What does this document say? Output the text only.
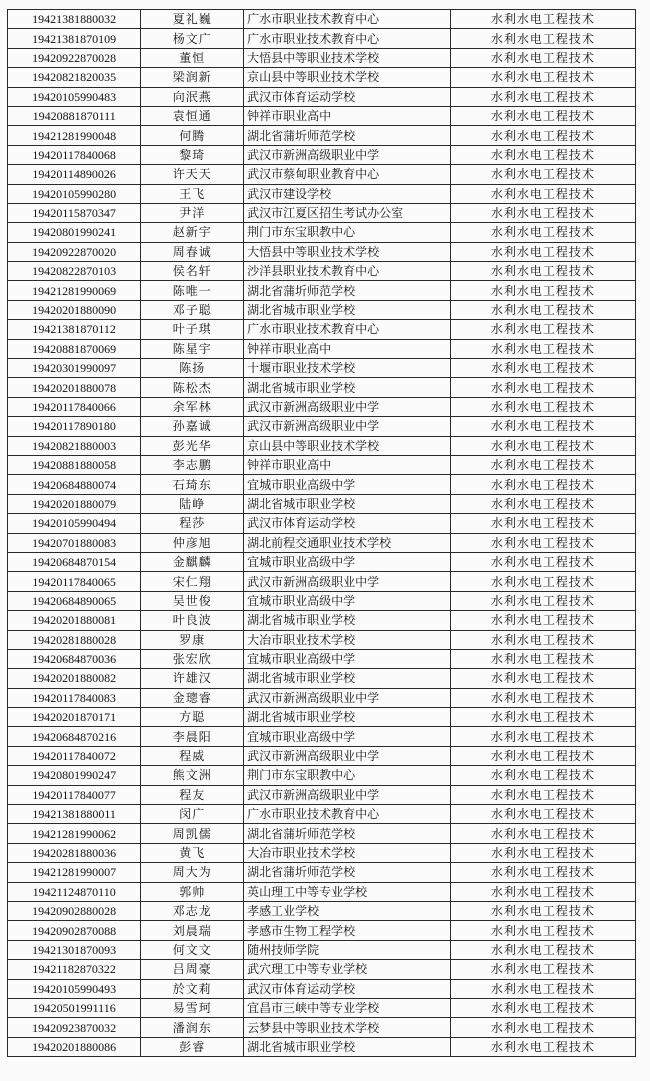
19421381880032	夏礼巍	广水市职业技术教育中心	水利水电工程技术
19421381870109	杨文广	广水市职业技术教育中心	水利水电工程技术
19420922870028	董恒	大悟县中等职业技术学校	水利水电工程技术
19420821820035	梁润新	京山县中等职业技术学校	水利水电工程技术
19420105990483	向泯燕	武汉市体育运动学校	水利水电工程技术
19420881870111	袁恒通	钟祥市职业高中	水利水电工程技术
19421281990048	何腾	湖北省蒲圻师范学校	水利水电工程技术
19420117840068	黎琦	武汉市新洲高级职业中学	水利水电工程技术
19420114890026	许天天	武汉市蔡甸职业教育中心	水利水电工程技术
19420105990280	王飞	武汉市建设学校	水利水电工程技术
19420115870347	尹洋	武汉市江夏区招生考试办公室	水利水电工程技术
19420801990241	赵新宇	荆门市东宝职教中心	水利水电工程技术
19420922870020	周春诚	大悟县中等职业技术学校	水利水电工程技术
19420822870103	侯名轩	沙洋县职业技术教育中心	水利水电工程技术
19421281990069	陈唯一	湖北省蒲圻师范学校	水利水电工程技术
19420201880090	邓子聪	湖北省城市职业学校	水利水电工程技术
19421381870112	叶子琪	广水市职业技术教育中心	水利水电工程技术
19420881870069	陈星宇	钟祥市职业高中	水利水电工程技术
19420301990097	陈扬	十堰市职业技术学校	水利水电工程技术
19420201880078	陈松杰	湖北省城市职业学校	水利水电工程技术
19420117840066	余军林	武汉市新洲高级职业中学	水利水电工程技术
19420117890180	孙嘉诚	武汉市新洲高级职业中学	水利水电工程技术
19420821880003	彭光华	京山县中等职业技术学校	水利水电工程技术
19420881880058	李志鹏	钟祥市职业高中	水利水电工程技术
19420684880074	石琦东	宜城市职业高级中学	水利水电工程技术
19420201880079	陆峥	湖北省城市职业学校	水利水电工程技术
19420105990494	程莎	武汉市体育运动学校	水利水电工程技术
19420701880083	仲彦旭	湖北前程交通职业技术学校	水利水电工程技术
19420684870154	金麒麟	宜城市职业高级中学	水利水电工程技术
19420117840065	宋仁翔	武汉市新洲高级职业中学	水利水电工程技术
19420684890065	吴世俊	宜城市职业高级中学	水利水电工程技术
19420201880081	叶良波	湖北省城市职业学校	水利水电工程技术
19420281880028	罗康	大冶市职业技术学校	水利水电工程技术
19420684870036	张宏欣	宜城市职业高级中学	水利水电工程技术
19420201880082	许雄汉	湖北省城市职业学校	水利水电工程技术
19420117840083	金璁睿	武汉市新洲高级职业中学	水利水电工程技术
19420201870171	方聪	湖北省城市职业学校	水利水电工程技术
19420684870216	李晨阳	宜城市职业高级中学	水利水电工程技术
19420117840072	程威	武汉市新洲高级职业中学	水利水电工程技术
19420801990247	熊文洲	荆门市东宝职教中心	水利水电工程技术
19420117840077	程友	武汉市新洲高级职业中学	水利水电工程技术
19421381880011	闵广	广水市职业技术教育中心	水利水电工程技术
19421281990062	周凯儒	湖北省蒲圻师范学校	水利水电工程技术
19420281880036	黄飞	大冶市职业技术学校	水利水电工程技术
19421281990007	周大为	湖北省蒲圻师范学校	水利水电工程技术
19421124870110	郭帅	英山理工中等专业学校	水利水电工程技术
19420902880028	邓志龙	孝感工业学校	水利水电工程技术
19420902870088	刘晨瑞	孝感市生物工程学校	水利水电工程技术
19421301870093	何文文	随州技师学院	水利水电工程技术
19421182870322	吕周豪	武穴理工中等专业学校	水利水电工程技术
19420105990493	於文莉	武汉市体育运动学校	水利水电工程技术
19420501991116	易雪珂	宜昌市三峡中等专业学校	水利水电工程技术
19420923870032	潘润东	云梦县中等职业技术学校	水利水电工程技术
19420201880086	彭睿	湖北省城市职业学校	水利水电工程技术
